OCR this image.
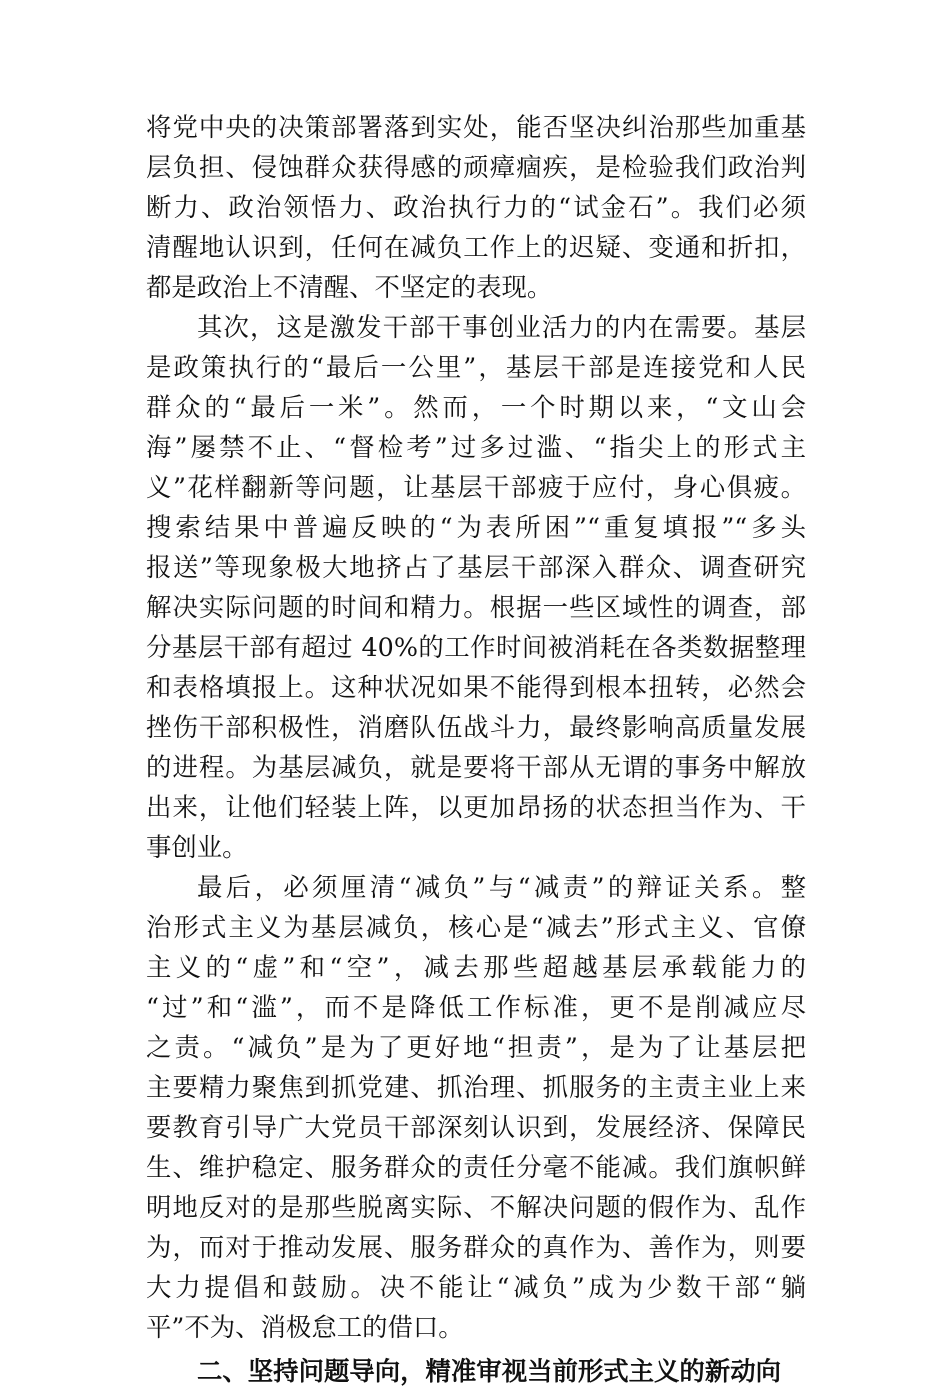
将党中央的决策部署落到实处，能否坚决纠治那些加重基
层负担、侵蚀群众获得感的顽瘴痼疾，是检验我们政治判
断力、政治领悟力、政治执行力的“试金石”。我们必须
清醒地认识到，任何在减负工作上的迟疑、变通和折扣，
都是政治上不清醒、不坚定的表现。
其次，这是激发干部干事创业活力的内在需要。基层
是政策执行的“最后一公里”，基层干部是连接党和人民
群众的“最后一米”。然而，一个时期以来，“文山会
海”屡禁不止、“督检考”过多过滥、“指尖上的形式主
义”花样翻新等问题，让基层干部疲于应付，身心俱疲。
搜索结果中普遍反映的“为表所困”“重复填报”“多头
报送”等现象极大地挤占了基层干部深入群众、调查研究
解决实际问题的时间和精力。根据一些区域性的调查，部
分基层干部有超过 40%的工作时间被消耗在各类数据整理
和表格填报上。这种状况如果不能得到根本扭转，必然会
挫伤干部积极性，消磨队伍战斗力，最终影响高质量发展
的进程。为基层减负，就是要将干部从无谓的事务中解放
出来，让他们轻装上阵，以更加昂扬的状态担当作为、干
事创业。
最后，必须厘清“减负”与“减责”的辩证关系。整
治形式主义为基层减负，核心是“减去”形式主义、官僚
主义的“虚”和“空”，减去那些超越基层承载能力的
“过”和“滥”，而不是降低工作标准，更不是削减应尽
之责。“减负”是为了更好地“担责”，是为了让基层把
主要精力聚焦到抓党建、抓治理、抓服务的主责主业上来
要教育引导广大党员干部深刻认识到，发展经济、保障民
生、维护稳定、服务群众的责任分毫不能减。我们旗帜鲜
明地反对的是那些脱离实际、不解决问题的假作为、乱作
为，而对于推动发展、服务群众的真作为、善作为，则要
大力提倡和鼓励。决不能让“减负”成为少数干部“躺
平”不为、消极怠工的借口。
二、坚持问题导向，精准审视当前形式主义的新动向
